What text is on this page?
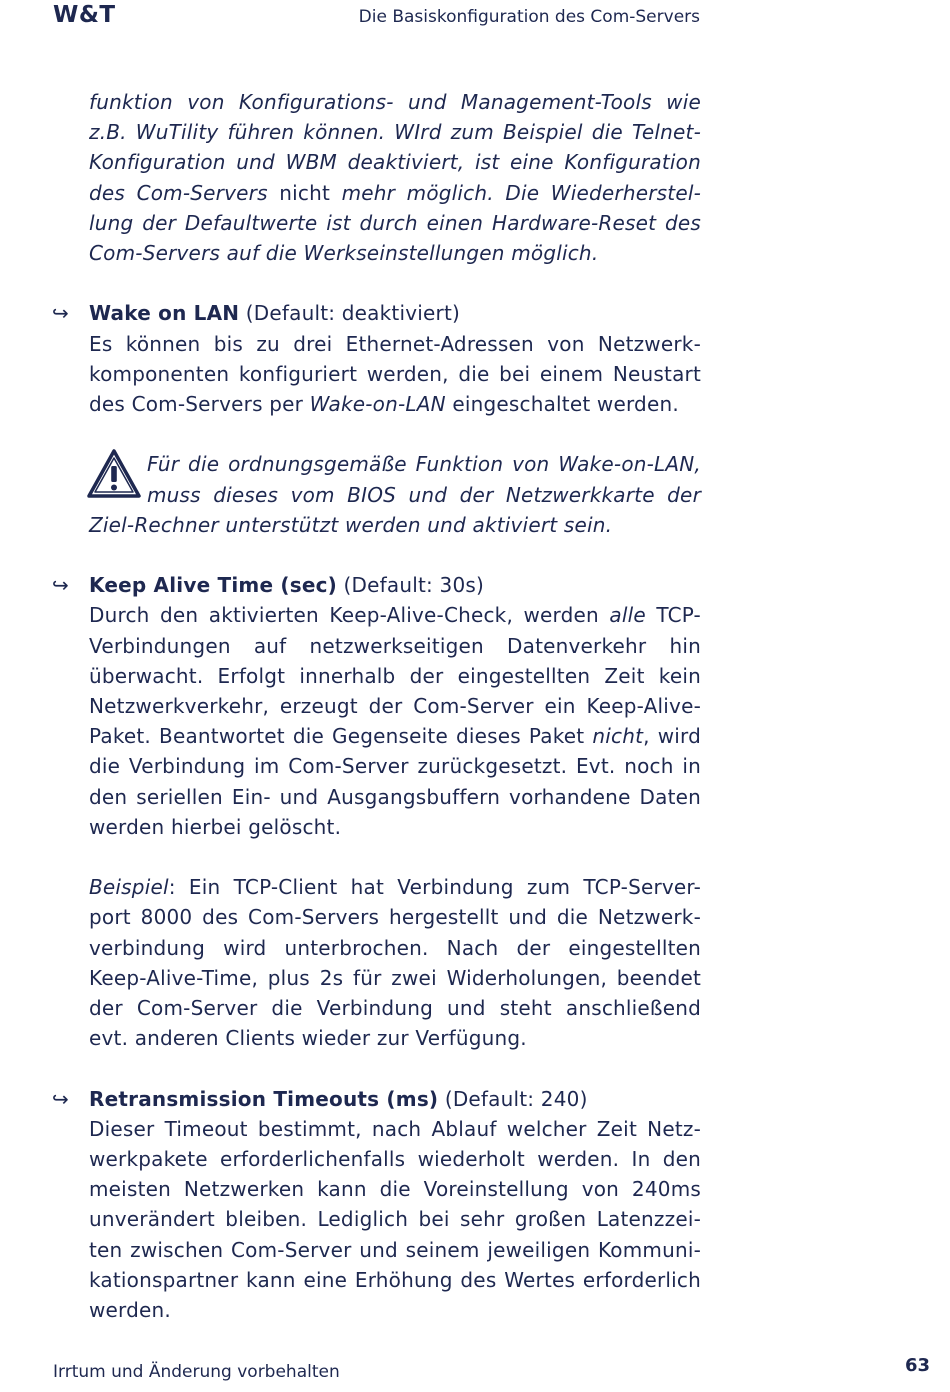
W&T	Die Basiskonfiguration des Com-Servers

funktion von Konfigurations- und Management-Tools wie z.B. WuTility führen können. WIrd zum Beispiel die Telnet-Konfiguration und WBM deaktiviert, ist eine Konfiguration des Com-Servers nicht mehr möglich. Die Wiederherstel-lung der Defaultwerte ist durch einen Hardware-Reset des Com-Servers auf die Werkseinstellungen möglich.

↪ Wake on LAN (Default: deaktiviert)

Es können bis zu drei Ethernet-Adressen von Netzwerk-komponenten konfiguriert werden, die bei einem Neustart des Com-Servers per Wake-on-LAN eingeschaltet werden.

Für die ordnungsgemäße Funktion von Wake-on-LAN, muss dieses vom BIOS und der Netzwerkkarte der Ziel-Rechner unterstützt werden und aktiviert sein.

↪ Keep Alive Time (sec) (Default: 30s)

Durch den aktivierten Keep-Alive-Check, werden alle TCP-Verbindungen auf netzwerkseitigen Datenverkehr hin überwacht. Erfolgt innerhalb der eingestellten Zeit kein Netzwerkverkehr, erzeugt der Com-Server ein Keep-Alive-Paket. Beantwortet die Gegenseite dieses Paket nicht, wird die Verbindung im Com-Server zurückgesetzt. Evt. noch in den seriellen Ein- und Ausgangsbuffern vorhandene Daten werden hierbei gelöscht.

Beispiel: Ein TCP-Client hat Verbindung zum TCP-Server-port 8000 des Com-Servers hergestellt und die Netzwerk-verbindung wird unterbrochen. Nach der eingestellten Keep-Alive-Time, plus 2s für zwei Widerholungen, beendet der Com-Server die Verbindung und steht anschließend evt. anderen Clients wieder zur Verfügung.

↪ Retransmission Timeouts (ms) (Default: 240)

Dieser Timeout bestimmt, nach Ablauf welcher Zeit Netz-werkpakete erforderlichenfalls wiederholt werden. In den meisten Netzwerken kann die Voreinstellung von 240ms unverändert bleiben. Lediglich bei sehr großen Latenzzei-ten zwischen Com-Server und seinem jeweiligen Kommuni-kationspartner kann eine Erhöhung des Wertes erforderlich werden.

Irrtum und Änderung vorbehalten	63
